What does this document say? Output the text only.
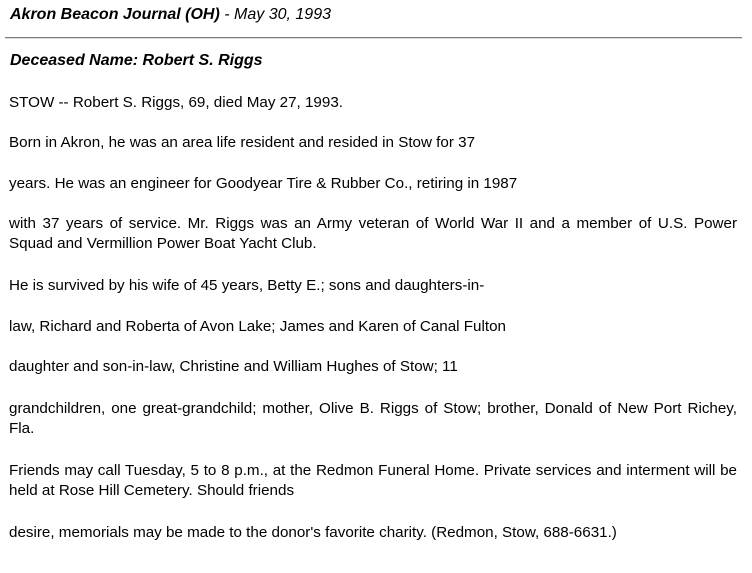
Akron Beacon Journal (OH) - May 30, 1993
Deceased Name: Robert S. Riggs

STOW -- Robert S. Riggs, 69, died May 27, 1993.

Born in Akron, he was an area life resident and resided in Stow for 37

years. He was an engineer for Goodyear Tire & Rubber Co., retiring in 1987

with 37 years of service. Mr. Riggs was an Army veteran of World War II and a member of U.S. Power Squad and Vermillion Power Boat Yacht Club.

He is survived by his wife of 45 years, Betty E.; sons and daughters-in-

law, Richard and Roberta of Avon Lake; James and Karen of Canal Fulton

daughter and son-in-law, Christine and William Hughes of Stow; 11

grandchildren, one great-grandchild; mother, Olive B. Riggs of Stow; brother, Donald of New Port Richey, Fla.

Friends may call Tuesday, 5 to 8 p.m., at the Redmon Funeral Home. Private services and interment will be held at Rose Hill Cemetery. Should friends

desire, memorials may be made to the donor's favorite charity. (Redmon, Stow, 688-6631.)
